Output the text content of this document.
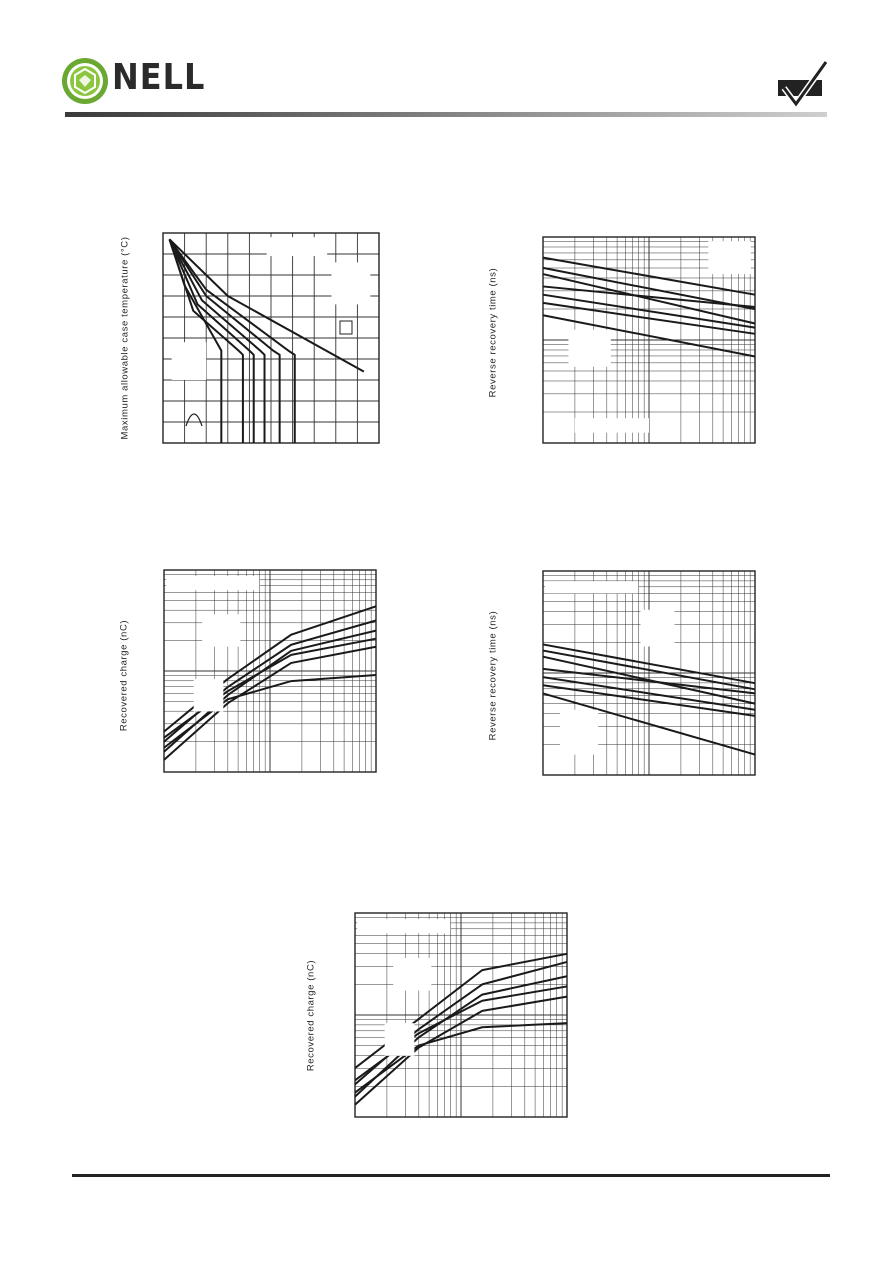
NELL
Maximum allowable case temperature (°C)	Reverse recovery time (ns)
Recovered charge (nC)	Reverse recovery time (ns)
Recovered charge (nC)
